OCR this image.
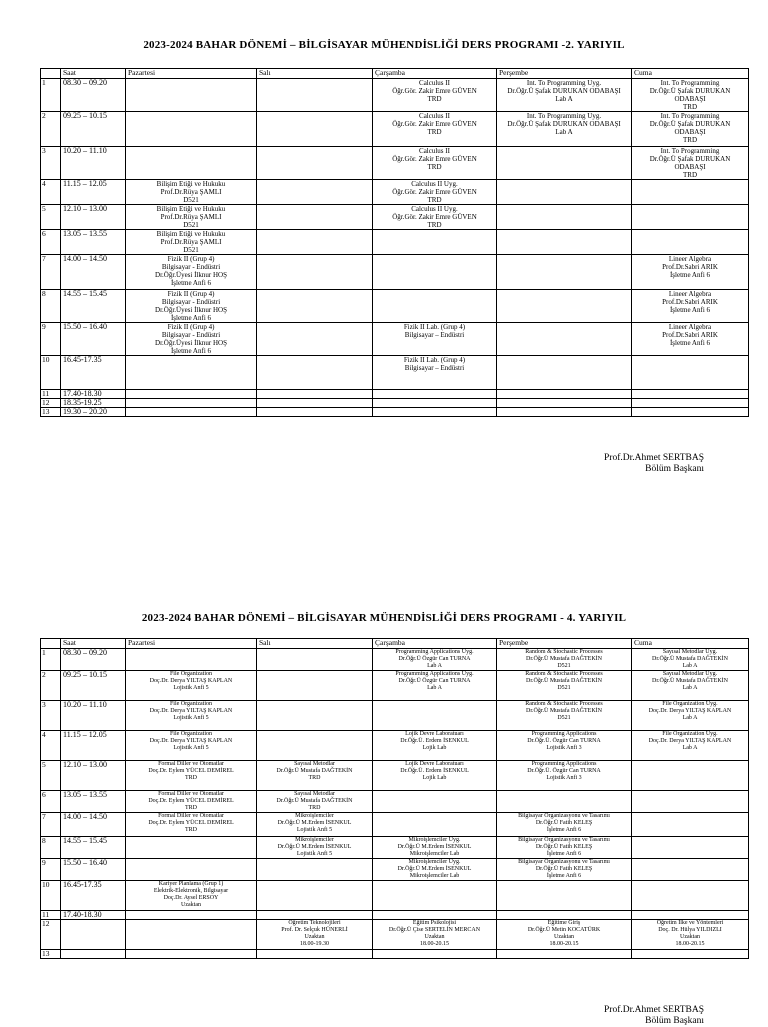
2023-2024 BAHAR DÖNEMİ – BİLGİSAYAR MÜHENDİSLİĞİ DERS PROGRAMI -2. YARIYIL
	Saat	Pazartesi	Salı	Çarşamba	Perşembe	Cuma
1	08.30 – 09.20			Calculus II
Öğr.Gör. Zakir Emre GÜVEN
TRD	Int. To Programming Uyg.
Dr.Öğr.Ü Şafak DURUKAN ODABAŞI
Lab A	Int. To Programming
Dr.Öğr.Ü Şafak DURUKAN
ODABAŞI
TRD
2	09.25 – 10.15			Calculus II
Öğr.Gör. Zakir Emre GÜVEN
TRD	Int. To Programming Uyg.
Dr.Öğr.Ü Şafak DURUKAN ODABAŞI
Lab A	Int. To Programming
Dr.Öğr.Ü Şafak DURUKAN
ODABAŞI
TRD
3	10.20 – 11.10			Calculus II
Öğr.Gör. Zakir Emre GÜVEN
TRD		Int. To Programming
Dr.Öğr.Ü Şafak DURUKAN
ODABAŞI
TRD
4	11.15 – 12.05	Bilişim Etiği ve Hukuku
Prof.Dr.Rüya ŞAMLI
D521		Calculus II Uyg.
Öğr.Gör. Zakir Emre GÜVEN
TRD		
5	12.10 – 13.00	Bilişim Etiği ve Hukuku
Prof.Dr.Rüya ŞAMLI
D521		Calculus II Uyg.
Öğr.Gör. Zakir Emre GÜVEN
TRD		
6	13.05 – 13.55	Bilişim Etiği ve Hukuku
Prof.Dr.Rüya ŞAMLI
D521				
7	14.00 – 14.50	Fizik II (Grup 4)
Bilgisayar - Endüstri
Dr.Öğr.Üyesi İlknur HOŞ
İşletme Anfi 6				Lineer Algebra
Prof.Dr.Sabri ARIK
İşletme Anfi 6
8	14.55 – 15.45	Fizik II (Grup 4)
Bilgisayar - Endüstri
Dr.Öğr.Üyesi İlknur HOŞ
İşletme Anfi 6				Lineer Algebra
Prof.Dr.Sabri ARIK
İşletme Anfi 6
9	15.50 – 16.40	Fizik II (Grup 4)
Bilgisayar - Endüstri
Dr.Öğr.Üyesi İlknur HOŞ
İşletme Anfi 6		Fizik II Lab. (Grup 4)
Bilgisayar – Endüstri		Lineer Algebra
Prof.Dr.Sabri ARIK
İşletme Anfi 6
10	16.45-17.35			Fizik II Lab. (Grup 4)
Bilgisayar – Endüstri		
11	17.40-18.30					
12	18.35-19.25					
13	19.30 – 20.20					
Prof.Dr.Ahmet SERTBAŞ
Bölüm Başkanı
2023-2024 BAHAR DÖNEMİ – BİLGİSAYAR MÜHENDİSLİĞİ DERS PROGRAMI - 4. YARIYIL
	Saat	Pazartesi	Salı	Çarşamba	Perşembe	Cuma
1	08.30 – 09.20			Programming Applications Uyg.
Dr.Öğr.Ü Özgür Can TURNA
Lab A	Random & Stochastic Processes
Dr.Öğr.Ü Mustafa DAĞTEKİN
D521	Sayısal Metodlar Uyg.
Dr.Öğr.Ü Mustafa DAĞTEKİN
Lab A
2	09.25 – 10.15	File Organization
Doç.Dr. Derya YILTAŞ KAPLAN
Lojistik Anfi 5		Programming Applications Uyg.
Dr.Öğr.Ü Özgür Can TURNA
Lab A	Random & Stochastic Processes
Dr.Öğr.Ü Mustafa DAĞTEKİN
D521	Sayısal Metodlar Uyg.
Dr.Öğr.Ü Mustafa DAĞTEKİN
Lab A
3	10.20 – 11.10	File Organization
Doç.Dr. Derya YILTAŞ KAPLAN
Lojistik Anfi 5			Random & Stochastic Processes
Dr.Öğr.Ü Mustafa DAĞTEKİN
D521	File Organization Uyg.
Doç.Dr. Derya YILTAŞ KAPLAN
Lab A
4	11.15 – 12.05	File Organization
Doç.Dr. Derya YILTAŞ KAPLAN
Lojistik Anfi 5		Lojik Devre Laboratuarı
Dr.Öğr.Ü. Erdem İSENKUL
Lojik Lab	Programming Applications
Dr.Öğr.Ü. Özgür Can TURNA
Lojistik Anfi 3	File Organization Uyg.
Doç.Dr. Derya YILTAŞ KAPLAN
Lab A
5	12.10 – 13.00	Formal Diller ve Otomatlar
Doç.Dr. Eylem YÜCEL DEMİREL
TRD	Sayısal Metodlar
Dr.Öğr.Ü Mustafa DAĞTEKİN
TRD	Lojik Devre Laboratuarı
Dr.Öğr.Ü. Erdem İSENKUL
Lojik Lab	Programming Applications
Dr.Öğr.Ü. Özgür Can TURNA
Lojistik Anfi 3	
6	13.05 – 13.55	Formal Diller ve Otomatlar
Doç.Dr. Eylem YÜCEL DEMİREL
TRD	Sayısal Metodlar
Dr.Öğr.Ü Mustafa DAĞTEKİN
TRD			
7	14.00 – 14.50	Formal Diller ve Otomatlar
Doç.Dr. Eylem YÜCEL DEMİREL
TRD	Mikroişlemciler
Dr.Öğr.Ü M.Erdem İSENKUL
Lojistik Anfi 5		Bilgisayar Organizasyonu ve Tasarımı
Dr.Öğr.Ü Fatih KELEŞ
İşletme Anfi 6	
8	14.55 – 15.45		Mikroişlemciler
Dr.Öğr.Ü M.Erdem İSENKUL
Lojistik Anfi 5	Mikroişlemciler Uyg.
Dr.Öğr.Ü M.Erdem İSENKUL
Mikroişlemciler Lab	Bilgisayar Organizasyonu ve Tasarımı
Dr.Öğr.Ü Fatih KELEŞ
İşletme Anfi 6	
9	15.50 – 16.40			Mikroişlemciler Uyg.
Dr.Öğr.Ü M.Erdem İSENKUL
Mikroişlemciler Lab	Bilgisayar Organizasyonu ve Tasarımı
Dr.Öğr.Ü Fatih KELEŞ
İşletme Anfi 6	
10	16.45-17.35	Kariyer Planlama (Grup 1)
Elektrik-Elektronik, Bilgisayar
Doç.Dr. Aysel ERSOY
Uzaktan				
11	17.40-18.30					
12			Öğretim Teknolojileri
Prof. Dr. Selçuk HÜNERLİ
Uzaktan
18.00-19.30	Eğitim Psikolojisi
Dr.Öğr.Ü Çise SERTELİN MERCAN
Uzaktan
18.00-20.15	Eğitime Giriş
Dr.Öğr.Ü Metin KOCATÜRK
Uzaktan
18.00-20.15	Öğretim İlke ve Yöntemleri
Doç. Dr. Hülya YILDIZLI
Uzaktan
18.00-20.15
13						
Prof.Dr.Ahmet SERTBAŞ
Bölüm Başkanı
